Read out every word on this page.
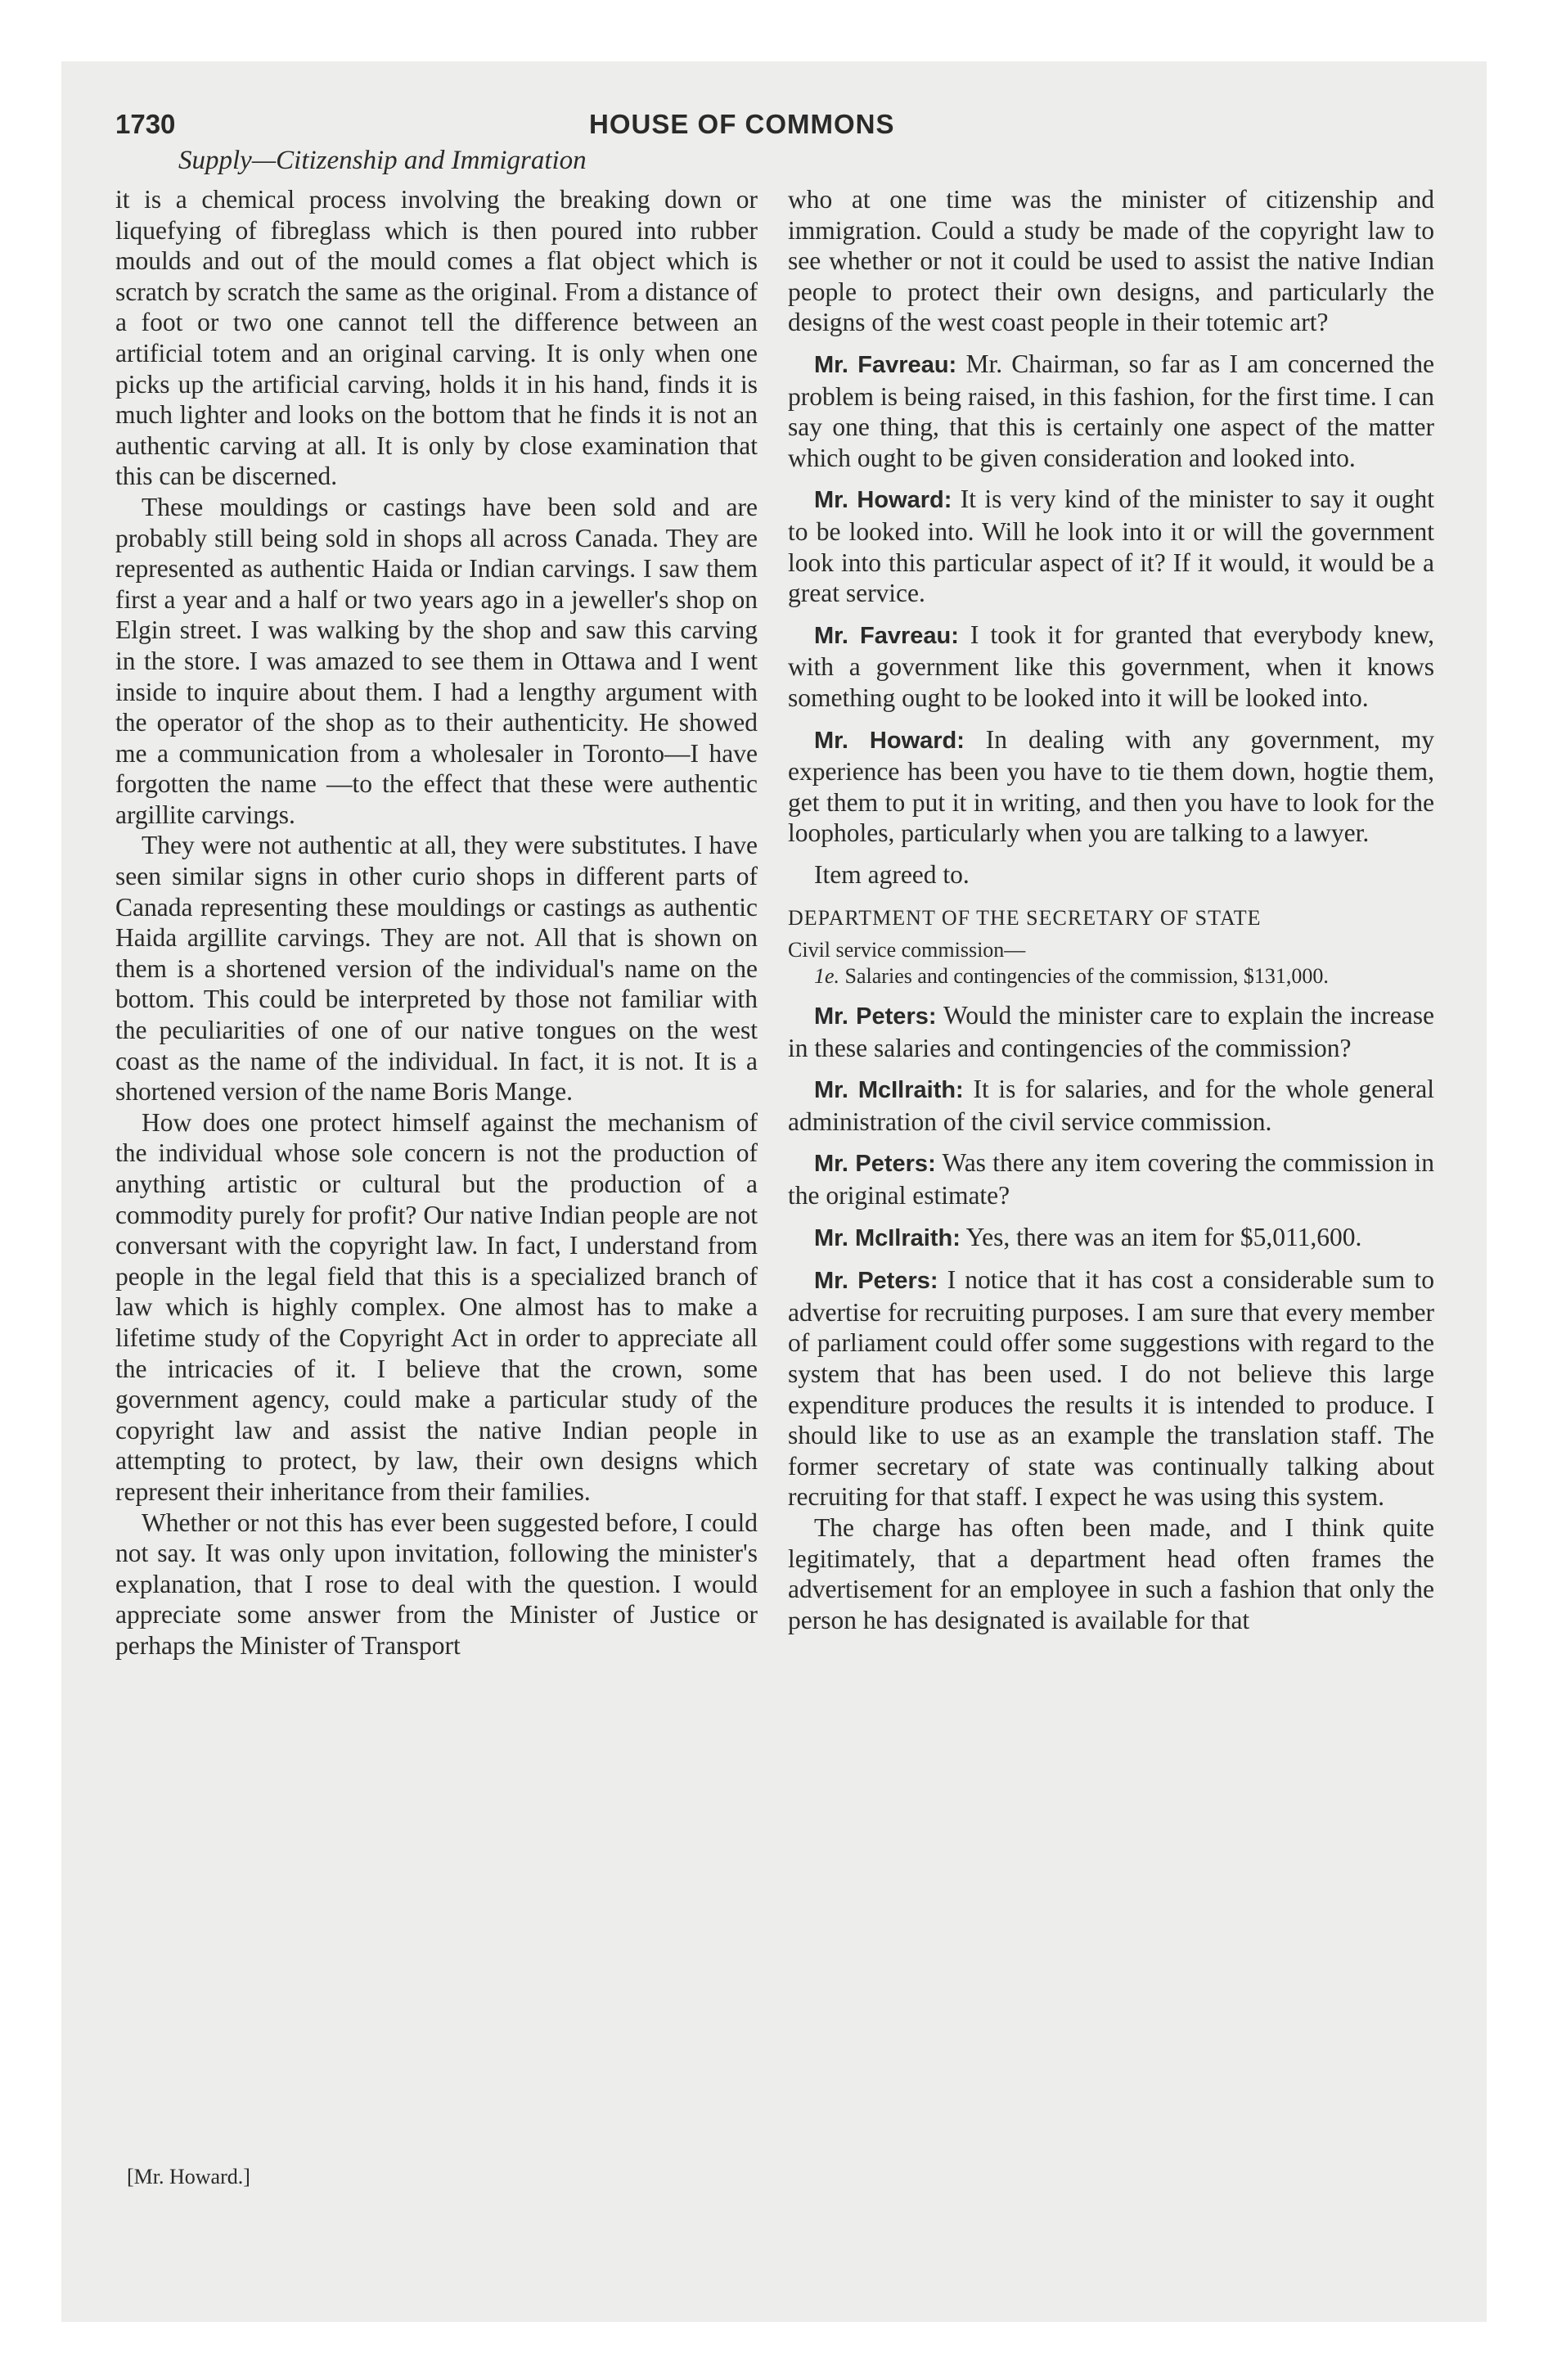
1730	HOUSE OF COMMONS
Supply—Citizenship and Immigration

it is a chemical process involving the breaking down or liquefying of fibreglass which is then poured into rubber moulds and out of the mould comes a flat object which is scratch by scratch the same as the original. From a distance of a foot or two one cannot tell the difference between an artificial totem and an original carving. It is only when one picks up the artificial carving, holds it in his hand, finds it is much lighter and looks on the bottom that he finds it is not an authentic carving at all. It is only by close examination that this can be discerned.

These mouldings or castings have been sold and are probably still being sold in shops all across Canada. They are represented as authentic Haida or Indian carvings. I saw them first a year and a half or two years ago in a jeweller's shop on Elgin street. I was walking by the shop and saw this carving in the store. I was amazed to see them in Ottawa and I went inside to inquire about them. I had a lengthy argument with the operator of the shop as to their authenticity. He showed me a communication from a wholesaler in Toronto—I have forgotten the name —to the effect that these were authentic argillite carvings.

They were not authentic at all, they were substitutes. I have seen similar signs in other curio shops in different parts of Canada representing these mouldings or castings as authentic Haida argillite carvings. They are not. All that is shown on them is a shortened version of the individual's name on the bottom. This could be interpreted by those not familiar with the peculiarities of one of our native tongues on the west coast as the name of the individual. In fact, it is not. It is a shortened version of the name Boris Mange.

How does one protect himself against the mechanism of the individual whose sole concern is not the production of anything artistic or cultural but the production of a commodity purely for profit? Our native Indian people are not conversant with the copyright law. In fact, I understand from people in the legal field that this is a specialized branch of law which is highly complex. One almost has to make a lifetime study of the Copyright Act in order to appreciate all the intricacies of it. I believe that the crown, some government agency, could make a particular study of the copyright law and assist the native Indian people in attempting to protect, by law, their own designs which represent their inheritance from their families.

Whether or not this has ever been suggested before, I could not say. It was only upon invitation, following the minister's explanation, that I rose to deal with the question. I would appreciate some answer from the Minister of Justice or perhaps the Minister of Transport

who at one time was the minister of citizenship and immigration. Could a study be made of the copyright law to see whether or not it could be used to assist the native Indian people to protect their own designs, and particularly the designs of the west coast people in their totemic art?

Mr. Favreau: Mr. Chairman, so far as I am concerned the problem is being raised, in this fashion, for the first time. I can say one thing, that this is certainly one aspect of the matter which ought to be given consideration and looked into.

Mr. Howard: It is very kind of the minister to say it ought to be looked into. Will he look into it or will the government look into this particular aspect of it? If it would, it would be a great service.

Mr. Favreau: I took it for granted that everybody knew, with a government like this government, when it knows something ought to be looked into it will be looked into.

Mr. Howard: In dealing with any government, my experience has been you have to tie them down, hogtie them, get them to put it in writing, and then you have to look for the loopholes, particularly when you are talking to a lawyer.

Item agreed to.

DEPARTMENT OF THE SECRETARY OF STATE

Civil service commission—

1e. Salaries and contingencies of the commission, $131,000.

Mr. Peters: Would the minister care to explain the increase in these salaries and contingencies of the commission?

Mr. McIlraith: It is for salaries, and for the whole general administration of the civil service commission.

Mr. Peters: Was there any item covering the commission in the original estimate?

Mr. McIlraith: Yes, there was an item for $5,011,600.

Mr. Peters: I notice that it has cost a considerable sum to advertise for recruiting purposes. I am sure that every member of parliament could offer some suggestions with regard to the system that has been used. I do not believe this large expenditure produces the results it is intended to produce. I should like to use as an example the translation staff. The former secretary of state was continually talking about recruiting for that staff. I expect he was using this system.

The charge has often been made, and I think quite legitimately, that a department head often frames the advertisement for an employee in such a fashion that only the person he has designated is available for that

[Mr. Howard.]
